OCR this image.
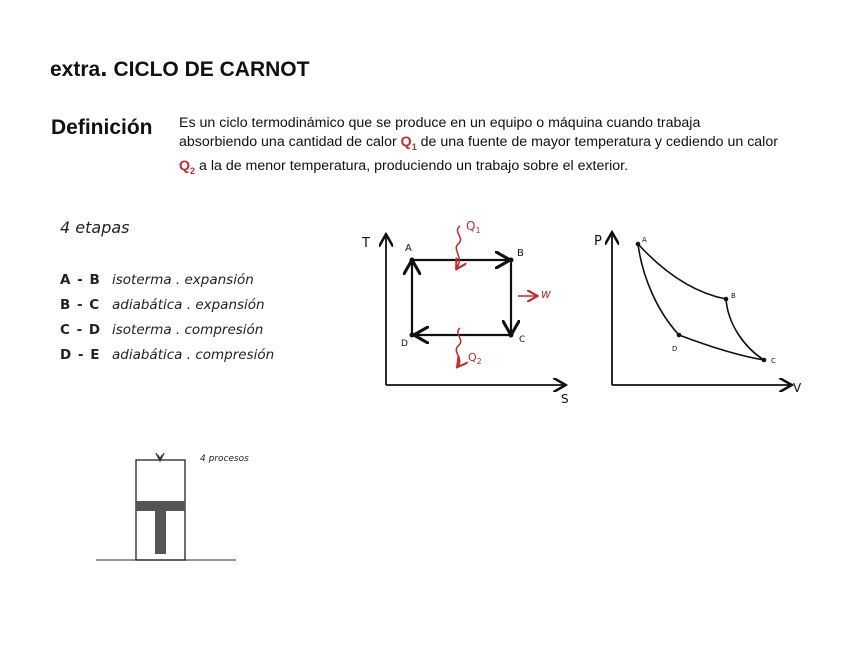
extra. CICLO DE CARNOT
Definición Es un ciclo termodinámico que se produce en un equipo o máquina cuando trabaja absorbiendo una cantidad de calor $Q_1$ de una fuente de mayor temperatura y cediendo un calor $Q_2$ a la de menor temperatura, produciendo un trabajo sobre el exterior.
4 etapas
A - B isoterma . expansión
B - C adiabática . expansión
C - D isoterma . compresión
D - E adiabática . compresión
T
S
A	B
C
D
$Q_1$
$Q_2$
w
P
V
A
B
C
D
4 procesos
